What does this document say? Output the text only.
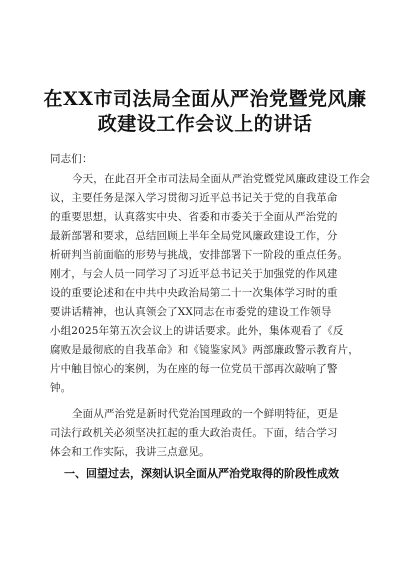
在XX市司法局全面从严治党暨党风廉
政建设工作会议上的讲话
同志们：
今天，在此召开全市司法局全面从严治党暨党风廉政建设工作会
议，主要任务是深入学习贯彻习近平总书记关于党的自我革命
的重要思想，认真落实中央、省委和市委关于全面从严治党的
最新部署和要求，总结回顾上半年全局党风廉政建设工作，分
析研判当前面临的形势与挑战，安排部署下一阶段的重点任务。
刚才，与会人员一同学习了习近平总书记关于加强党的作风建
设的重要论述和在中共中央政治局第二十一次集体学习时的重
要讲话精神，也认真领会了XX同志在市委党的建设工作领导
小组2025年第五次会议上的讲话要求。此外，集体观看了《反
腐败是最彻底的自我革命》和《镜鉴家风》两部廉政警示教育片，
片中触目惊心的案例，为在座的每一位党员干部再次敲响了警
钟。
全面从严治党是新时代党治国理政的一个鲜明特征，更是
司法行政机关必须坚决扛起的重大政治责任。下面，结合学习
体会和工作实际，我讲三点意见。
一、回望过去，深刻认识全面从严治党取得的阶段性成效
